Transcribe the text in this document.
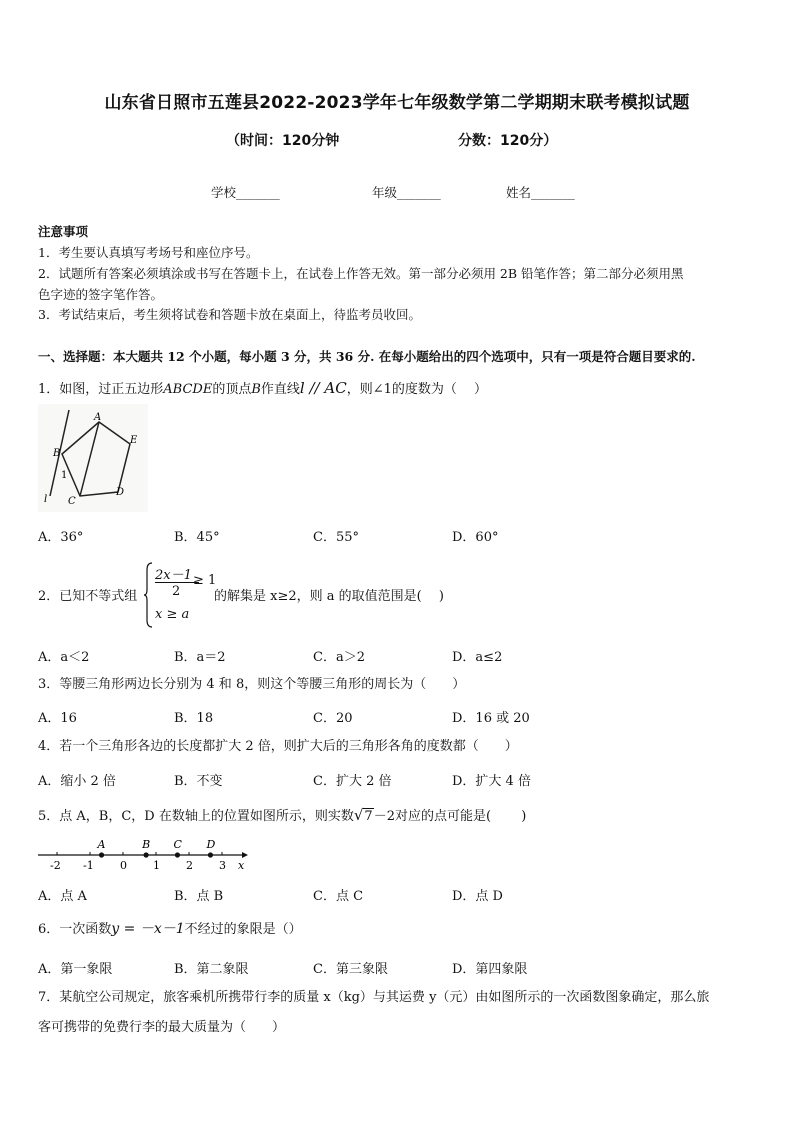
山东省日照市五莲县2022-2023学年七年级数学第二学期期末联考模拟试题
（时间：120分钟	分数：120分）
学校_______	年级_______	姓名_______
注意事项
1．考生要认真填写考场号和座位序号。
2．试题所有答案必须填涂或书写在答题卡上，在试卷上作答无效。第一部分必须用 2B 铅笔作答；第二部分必须用黑
色字迹的签字笔作答。
3．考试结束后，考生须将试卷和答题卡放在桌面上，待监考员收回。
一、选择题：本大题共 12 个小题，每小题 3 分，共 36 分. 在每小题给出的四个选项中，只有一项是符合题目要求的.
1．如图，过正五边形ABCDE的顶点B作直线l // AC，则∠1的度数为（　 ）
A
B
C
D
E
1
l
A．36°	B．45°	C．55°	D．60°
2．已知不等式组
2x－1
2
≥ 1
x ≥ a
的解集是 x≥2，则 a 的取值范围是(　 )
A．a＜2	B．a＝2	C．a＞2	D．a≤2
3．等腰三角形两边长分别为 4 和 8，则这个等腰三角形的周长为（　　）
A．16	B．18	C．20	D．16 或 20
4．若一个三角形各边的长度都扩大 2 倍，则扩大后的三角形各角的度数都（　　）
A．缩小 2 倍	B．不变	C．扩大 2 倍	D．扩大 4 倍
5．点 A，B，C，D 在数轴上的位置如图所示，则实数√7－2对应的点可能是(　　 )
-2 -1 0 1 2 3
A	B C D
x
A．点 A	B．点 B	C．点 C	D．点 D
6．一次函数y = －x－1不经过的象限是（）
A．第一象限	B．第二象限	C．第三象限	D．第四象限
7．某航空公司规定，旅客乘机所携带行李的质量 x（kg）与其运费 y（元）由如图所示的一次函数图象确定，那么旅
客可携带的免费行李的最大质量为（　　）
